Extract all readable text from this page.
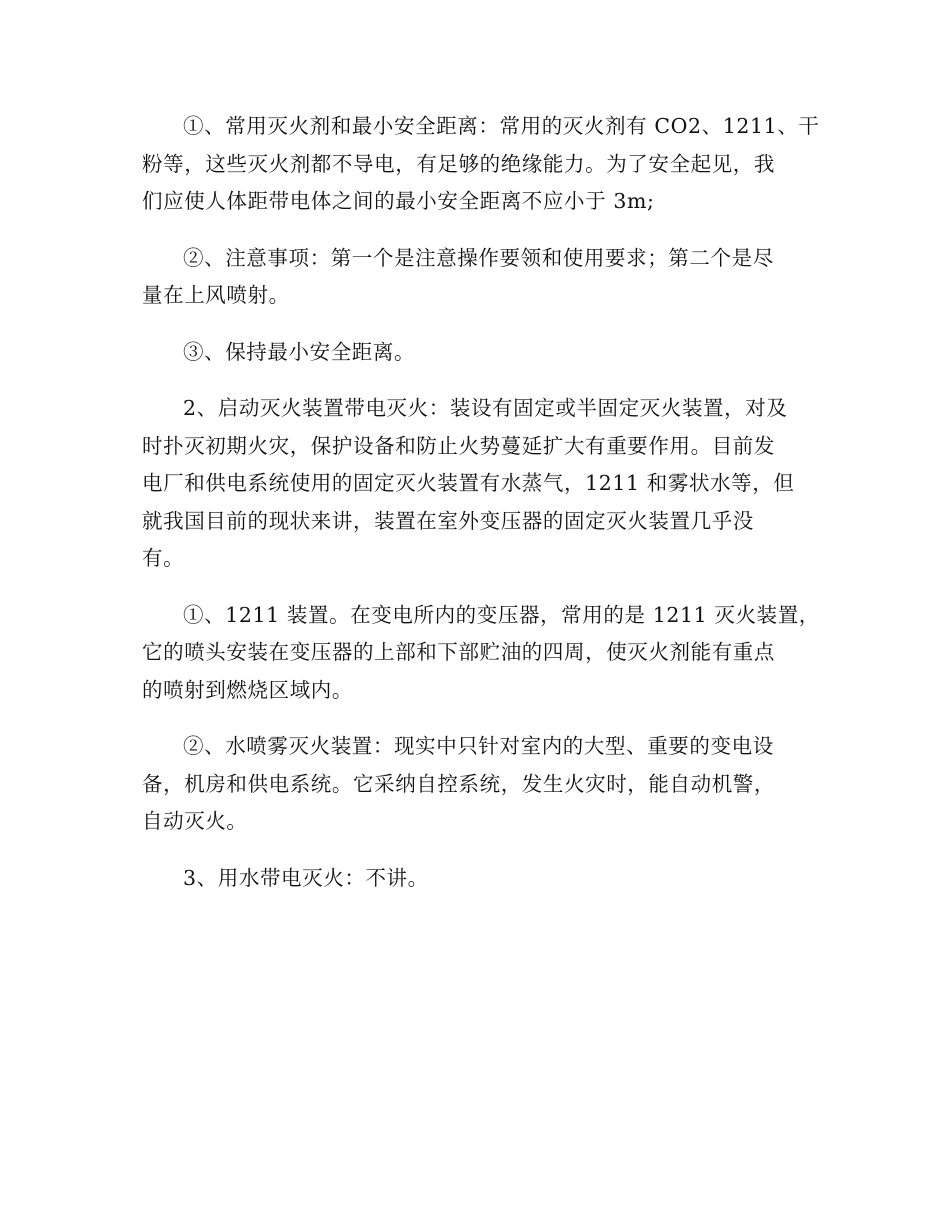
①、常用灭火剂和最小安全距离：常用的灭火剂有 CO2、1211、干
粉等，这些灭火剂都不导电，有足够的绝缘能力。为了安全起见，我
们应使人体距带电体之间的最小安全距离不应小于 3m;

②、注意事项：第一个是注意操作要领和使用要求；第二个是尽
量在上风喷射。

③、保持最小安全距离。

2、启动灭火装置带电灭火：装设有固定或半固定灭火装置，对及
时扑灭初期火灾，保护设备和防止火势蔓延扩大有重要作用。目前发
电厂和供电系统使用的固定灭火装置有水蒸气，1211 和雾状水等，但
就我国目前的现状来讲，装置在室外变压器的固定灭火装置几乎没
有。

①、1211 装置。在变电所内的变压器，常用的是 1211 灭火装置，
它的喷头安装在变压器的上部和下部贮油的四周，使灭火剂能有重点
的喷射到燃烧区域内。

②、水喷雾灭火装置：现实中只针对室内的大型、重要的变电设
备，机房和供电系统。它采纳自控系统，发生火灾时，能自动机警，
自动灭火。

3、用水带电灭火：不讲。
